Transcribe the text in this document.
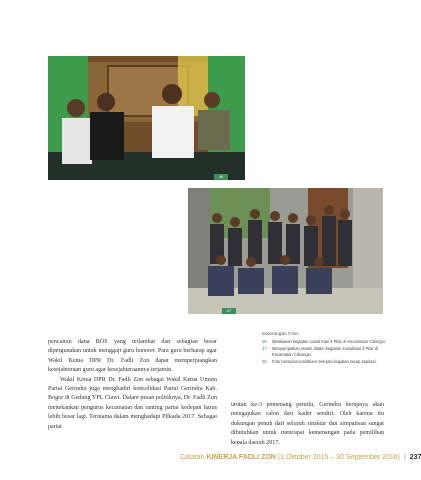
46
47
Keterangan Foto:
46.	Melakukan kegiatan sosial Kasi 4 Pilar di Kecamatan Ciliungsi.
47.	Menyampaikan materi dalam kegiatan sosialisasi 4 Pilar di Kecamatan Cileungsi.
48.	Foto bersama konstituen selepas kegiatan serap aspirasi.

pencairan dana BOS yang terlambat dan sebagian besar dipergunakan untuk menggaji guru honorer. Para guru berharap agar Wakil Ketua DPR Dr. Fadli Zon dapat memperjuangkan kesejahteraan guru agar kesejahteraannya terjamin.

Wakil Ketua DPR Dr. Fadli Zon sebagai Wakil Ketua Umum Partai Gerindra juga menghadiri konsolidasi Partai Gerindra Kab. Bogor di Gedung YPL Ciawi. Dalam pesan politiknya, Dr. Fadli Zon menekankan pengurus kecamatan dan ranting partai kedepan harus lebih besar lagi. Terutama dalam menghadapi Pilkada 2017. Sebagai partai

urutan ke-3 pemenang pemilu, Gerindra berupaya akan mengajukan calon dari kader sendiri. Oleh karena itu dukungan penuh dari seluruh struktur dan simpatisan sangat dibutuhkan untuk mencapai kemenangan pada pemilihan kepala daerah 2017.

Catatan KINERJA FADLI ZON (1 Oktober 2015 – 30 September 2016) | 237
